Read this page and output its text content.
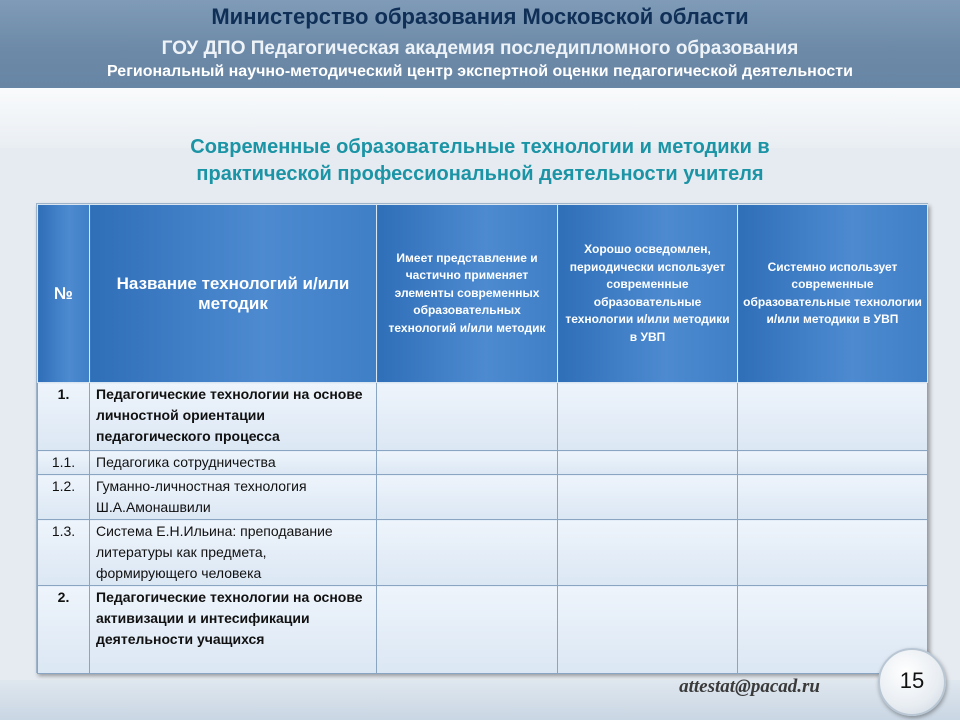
Министерство образования Московской области
ГОУ ДПО Педагогическая академия последипломного образования
Региональный научно-методический центр экспертной оценки педагогической деятельности
Современные образовательные технологии и методики в
практической профессиональной деятельности учителя
№	Название технологий и/или методик	Имеет представление и частично применяет элементы современных образовательных технологий и/или методик	Хорошо осведомлен, периодически использует современные образовательные технологии и/или методики в УВП	Системно использует современные образовательные технологии и/или методики в УВП
1.	Педагогические технологии на основе личностной ориентации педагогического процесса			
1.1.	Педагогика сотрудничества			
1.2.	Гуманно-личностная технология Ш.А.Амонашвили			
1.3.	Система Е.Н.Ильина: преподавание литературы как предмета, формирующего человека			
2.	Педагогические технологии на основе активизации и интесификации деятельности учащихся			
attestat@pacad.ru	15
